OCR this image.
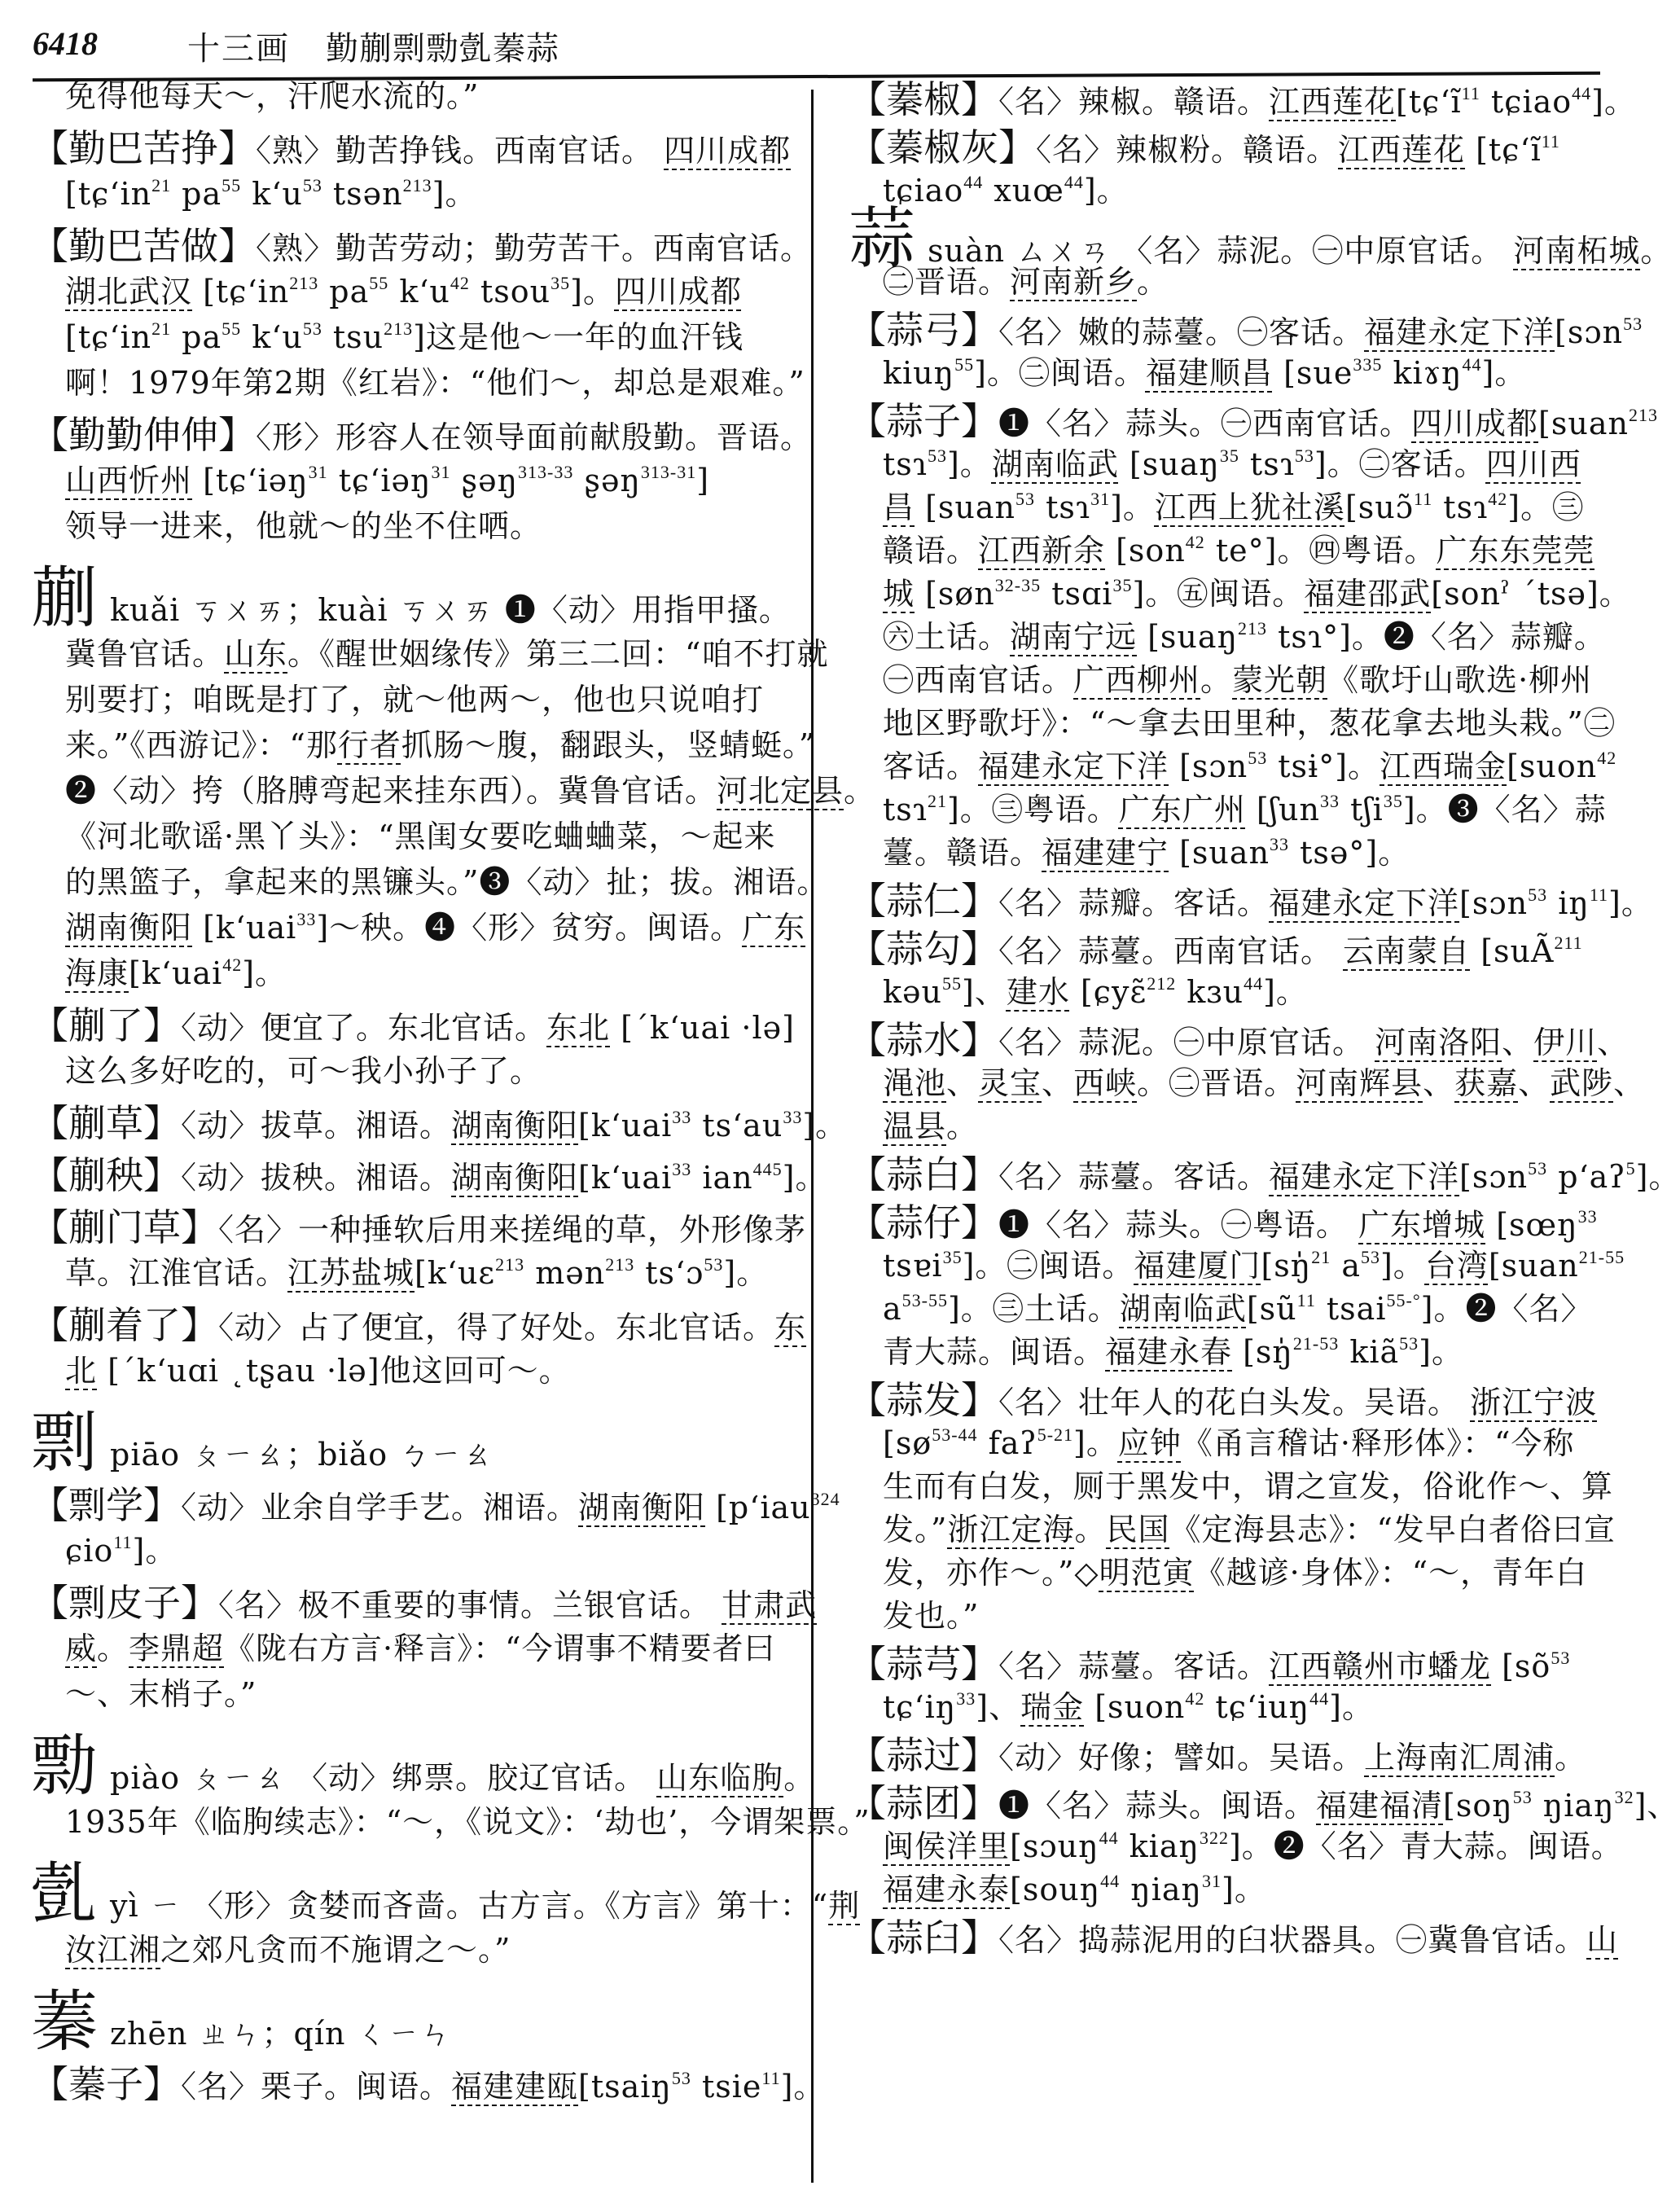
6418	十三画 勤蒯剽勡亄蓁蒜
免得他每天～，汗爬水流的。”
【勤巴苦挣】〈熟〉勤苦挣钱。西南官话。 四川成都
[tɕʻin$^{21}$ $pa^{55}$ kʻu$^{53}$ tsən$^{213}$]。
【勤巴苦做】〈熟〉勤苦劳动；勤劳苦干。西南官话。
湖北武汉 [tɕʻin$^{213}$ $pa^{55}$ kʻu$^{42}$ tsou$^{35}$]。四川成都
[tɕʻin$^{21}$ $pa^{55}$ kʻu$^{53}$ tsu$^{213}$]这是他～一年的血汗钱
啊！1979年第2期《红岩》：“他们～，却总是艰难。”
【勤勤伸伸】〈形〉形容人在领导面前献殷勤。晋语。
山西忻州 [tɕʻiəŋ$^{31}$ tɕʻiəŋ$^{31}$ ʂəŋ$^{313-33}$ ʂəŋ$^{313-31}$]
领导一进来，他就～的坐不住哂。
蒯kuǎi ㄎㄨㄞ；kuài ㄎㄨㄞ ❶〈动〉用指甲搔。
冀鲁官话。山东。《醒世姻缘传》第三二回：“咱不打就
别要打；咱既是打了，就～他两～，他也只说咱打
来。”《西游记》：“那行者抓肠～腹，翻跟头，竖蜻蜓。”
❷〈动〉挎（胳膊弯起来挂东西）。冀鲁官话。河北定县。
《河北歌谣·黑丫头》：“黑闺女要吃蛐蛐菜，～起来
的黑篮子，拿起来的黑镰头。”❸〈动〉扯；拔。湘语。
湖南衡阳 [kʻuai$^{33}$]～秧。❹〈形〉贫穷。闽语。广东
海康[kʻuai$^{42}$]。
【蒯了】〈动〉便宜了。东北官话。东北 [ˊkʻuai ·lə]
这么多好吃的，可～我小孙子了。
【蒯草】〈动〉拔草。湘语。湖南衡阳[kʻuai$^{33}$ tsʻau$^{33}$]。
【蒯秧】〈动〉拔秧。湘语。湖南衡阳[kʻuai$^{33}$ ian$^{445}$]。
【蒯门草】〈名〉一种捶软后用来搓绳的草，外形像茅
草。江淮官话。江苏盐城[kʻuɛ$^{213}$ mən$^{213}$ tsʻɔ$^{53}$]。
【蒯着了】〈动〉占了便宜，得了好处。东北官话。东
北 [ˊkʻuɑi ˛tʂau ·lə]他这回可～。
剽piāo ㄆㄧㄠ；biǎo ㄅㄧㄠ
【剽学】〈动〉业余自学手艺。湘语。湖南衡阳 [pʻiau$^{324}$
ɕio$^{11}$]。
【剽皮子】〈名〉极不重要的事情。兰银官话。 甘肃武
威。李鼎超《陇右方言·释言》：“今谓事不精要者曰
～、末梢子。”
勡piào ㄆㄧㄠ 〈动〉绑票。胶辽官话。 山东临朐。
1935年《临朐续志》：“～，《说文》：‘劫也’，今谓架票。”
亄yì ㄧ 〈形〉贪婪而吝啬。古方言。《方言》第十：“荆
汝江湘之郊凡贪而不施谓之～。”
蓁zhēn ㄓㄣ；qín ㄑㄧㄣ
【蓁子】〈名〉栗子。闽语。福建建瓯[tsaiŋ$^{53}$ tsie$^{11}$]。
【蓁椒】〈名〉辣椒。赣语。江西莲花[tɕʻĩ$^{11}$ tɕiao$^{44}$]。
【蓁椒灰】〈名〉辣椒粉。赣语。江西莲花 [tɕʻĩ$^{11}$
tɕiao$^{44}$ xuœ$^{44}$]。
蒜suàn ㄙㄨㄢ 〈名〉蒜泥。㊀中原官话。 河南柘城。
㊁晋语。河南新乡。
【蒜弓】〈名〉嫩的蒜薹。㊀客话。福建永定下洋[sɔn$^{53}$
kiuŋ$^{55}$]。㊁闽语。福建顺昌 [sue$^{335}$ kiɤŋ$^{44}$]。
【蒜子】❶〈名〉蒜头。㊀西南官话。四川成都[suan$^{213}$
tsɿ$^{53}$]。湖南临武 [suaŋ$^{35}$ tsɿ$^{53}$]。㊁客话。四川西
昌 [suan$^{53}$ tsɿ$^{31}$]。江西上犹社溪[suɔ̃$^{11}$ tsɿ$^{42}$]。㊂
赣语。江西新余 [son$^{42}$ te°]。㊃粤语。广东东莞莞
城 [søn$^{32-35}$ tsɑi$^{35}$]。㊄闽语。福建邵武[sonˀ ˊtsə]。
㊅土话。湖南宁远 [suaŋ$^{213}$ tsɿ°]。❷〈名〉蒜瓣。
㊀西南官话。广西柳州。蒙光朝《歌圩山歌选·柳州
地区野歌圩》：“～拿去田里种，葱花拿去地头栽。”㊁
客话。福建永定下洋 [sɔn$^{53}$ tsɨ°]。江西瑞金[suon$^{42}$
tsɿ$^{21}$]。㊂粤语。广东广州 [ʃun$^{33}$ tʃi$^{35}$]。❸〈名〉蒜
薹。赣语。福建建宁 [suan$^{33}$ tsə°]。
【蒜仁】〈名〉蒜瓣。客话。福建永定下洋[sɔn$^{53}$ $iŋ^{11}$]。
【蒜勾】〈名〉蒜薹。西南官话。 云南蒙自 [suÃ$^{211}$
kəu$^{55}$]、建水 [ɕyɛ̃$^{212}$ kɜu$^{44}$]。
【蒜水】〈名〉蒜泥。㊀中原官话。 河南洛阳、伊川、
渑池、灵宝、西峡。㊁晋语。河南辉县、获嘉、武陟、
温县。
【蒜白】〈名〉蒜薹。客话。福建永定下洋[sɔn$^{53}$ pʻaʔ$^5$]。
【蒜仔】❶〈名〉蒜头。㊀粤语。 广东增城 [sœŋ$^{33}$
tsɐi$^{35}$]。㊁闽语。福建厦门[sŋ̍$^{21}$ $a^{53}$]。台湾[suan$^{21-55}$
$a^{53-55}$]。㊂土话。湖南临武[$sũ^{11}$ tsai$^{55-^\circ}$]。❷〈名〉
青大蒜。闽语。福建永春 [sŋ̍$^{21-53}$ kiã$^{53}$]。
【蒜发】〈名〉壮年人的花白头发。吴语。 浙江宁波
[$sø^{53-44}$ faʔ$^{5-21}$]。应钟《甬言稽诂·释形体》：“今称
生而有白发，厕于黑发中，谓之宣发，俗讹作～、算
发。”浙江定海。民国《定海县志》：“发早白者俗曰宣
发，亦作～。”◇明范寅《越谚·身体》：“～，青年白
发也。”
【蒜芎】〈名〉蒜薹。客话。江西赣州市蟠龙 [$sõ^{53}$
tɕʻiŋ$^{33}$]、瑞金 [suon$^{42}$ tɕʻiuŋ$^{44}$]。
【蒜过】〈动〉好像；譬如。吴语。上海南汇周浦。
【蒜团】❶〈名〉蒜头。闽语。福建福清[soŋ$^{53}$ ŋiaŋ$^{32}$]、
闽侯洋里[sɔuŋ$^{44}$ kiaŋ$^{322}$]。❷〈名〉青大蒜。闽语。
福建永泰[souŋ$^{44}$ ŋiaŋ$^{31}$]。
【蒜臼】〈名〉捣蒜泥用的臼状器具。㊀冀鲁官话。山
